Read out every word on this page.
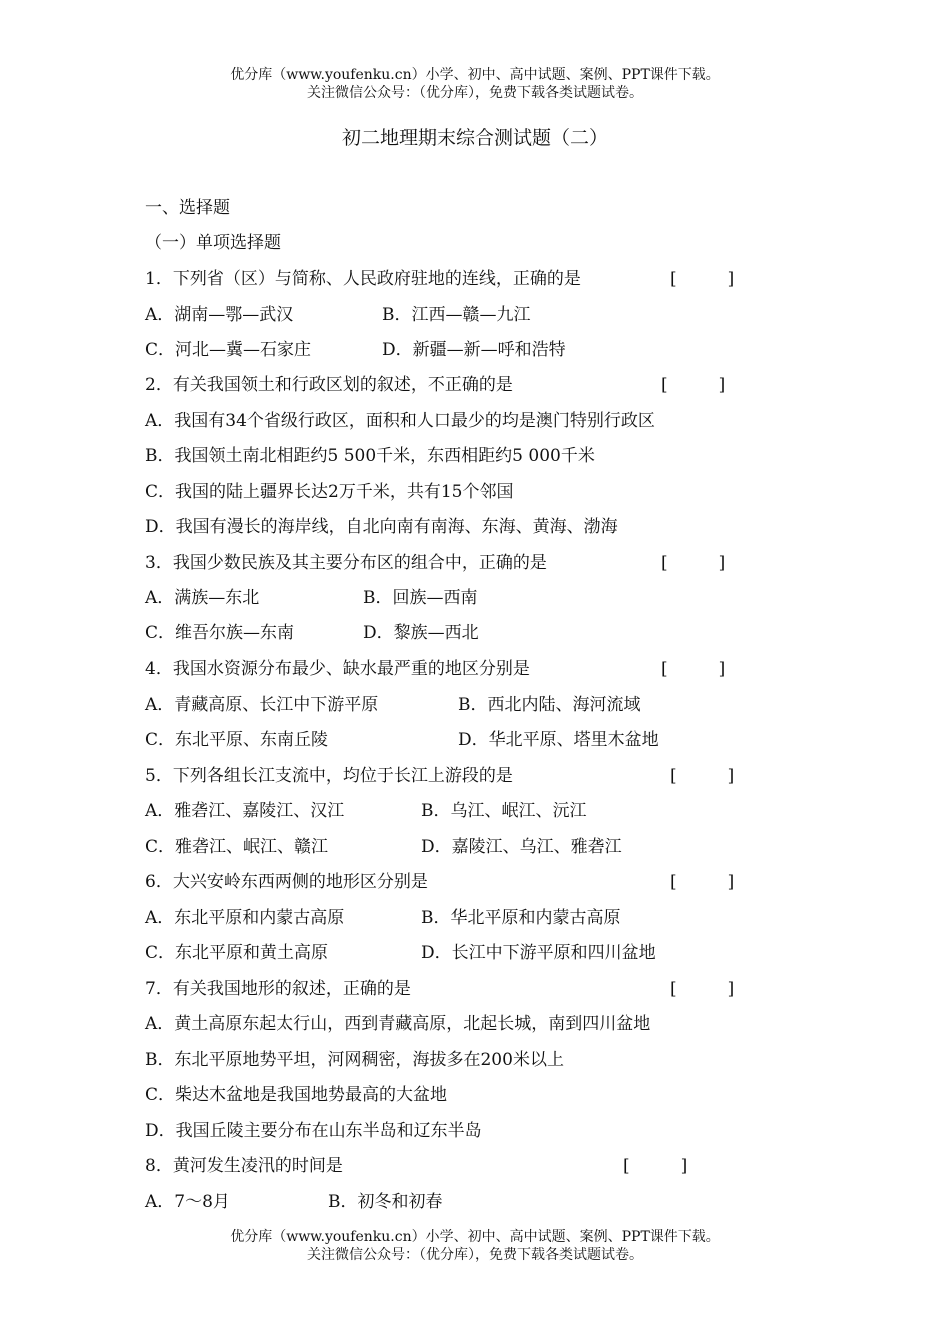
优分库（www.youfenku.cn）小学、初中、高中试题、案例、PPT课件下载。
关注微信公众号：（优分库），免费下载各类试题试卷。
初二地理期末综合测试题（二）
一、选择题
（一）单项选择题
1．下列省（区）与简称、人民政府驻地的连线，正确的是	[　　　]
A．湖南—鄂—武汉	B．江西—赣—九江
C．河北—冀—石家庄	D．新疆—新—呼和浩特
2．有关我国领土和行政区划的叙述，不正确的是	[　　　]
A．我国有34个省级行政区，面积和人口最少的均是澳门特别行政区
B．我国领土南北相距约5 500千米，东西相距约5 000千米
C．我国的陆上疆界长达2万千米，共有15个邻国
D．我国有漫长的海岸线，自北向南有南海、东海、黄海、渤海
3．我国少数民族及其主要分布区的组合中，正确的是	[　　　]
A．满族—东北	B．回族—西南
C．维吾尔族—东南	D．黎族—西北
4．我国水资源分布最少、缺水最严重的地区分别是	[　　　]
A．青藏高原、长江中下游平原	B．西北内陆、海河流域
C．东北平原、东南丘陵	D．华北平原、塔里木盆地
5．下列各组长江支流中，均位于长江上游段的是	[　　　]
A．雅砻江、嘉陵江、汉江	B．乌江、岷江、沅江
C．雅砻江、岷江、赣江	D．嘉陵江、乌江、雅砻江
6．大兴安岭东西两侧的地形区分别是	[　　　]
A．东北平原和内蒙古高原	B．华北平原和内蒙古高原
C．东北平原和黄土高原	D．长江中下游平原和四川盆地
7．有关我国地形的叙述，正确的是	[　　　]
A．黄土高原东起太行山，西到青藏高原，北起长城，南到四川盆地
B．东北平原地势平坦，河网稠密，海拔多在200米以上
C．柴达木盆地是我国地势最高的大盆地
D．我国丘陵主要分布在山东半岛和辽东半岛
8．黄河发生凌汛的时间是	[　　　]
A．7～8月	B．初冬和初春
优分库（www.youfenku.cn）小学、初中、高中试题、案例、PPT课件下载。
关注微信公众号：（优分库），免费下载各类试题试卷。
